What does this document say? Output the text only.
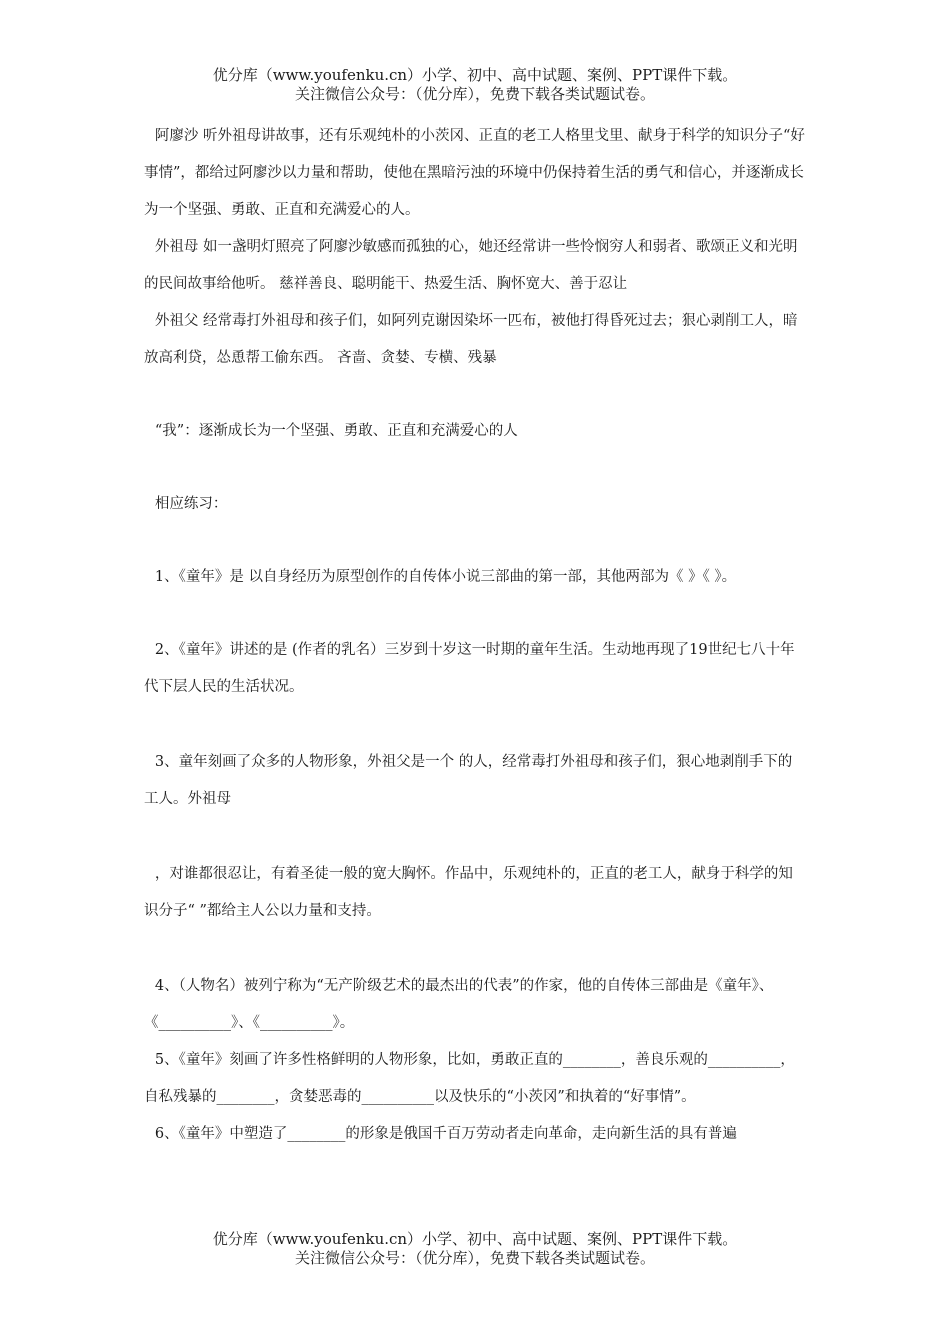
优分库（www.youfenku.cn）小学、初中、高中试题、案例、PPT课件下载。
关注微信公众号：（优分库），免费下载各类试题试卷。

阿廖沙 听外祖母讲故事，还有乐观纯朴的小茨冈、正直的老工人格里戈里、献身于科学的知识分子“好事情”，都给过阿廖沙以力量和帮助，使他在黑暗污浊的环境中仍保持着生活的勇气和信心，并逐渐成长为一个坚强、勇敢、正直和充满爱心的人。

外祖母 如一盏明灯照亮了阿廖沙敏感而孤独的心，她还经常讲一些怜悯穷人和弱者、歌颂正义和光明的民间故事给他听。 慈祥善良、聪明能干、热爱生活、胸怀宽大、善于忍让

外祖父 经常毒打外祖母和孩子们，如阿列克谢因染坏一匹布，被他打得昏死过去；狠心剥削工人，暗放高利贷，怂恿帮工偷东西。 吝啬、贪婪、专横、残暴

“我”：逐渐成长为一个坚强、勇敢、正直和充满爱心的人

相应练习：

1、《童年》是 以自身经历为原型创作的自传体小说三部曲的第一部，其他两部为《 》《 》。

2、《童年》讲述的是 (作者的乳名）三岁到十岁这一时期的童年生活。生动地再现了19世纪七八十年代下层人民的生活状况。

3、童年刻画了众多的人物形象，外祖父是一个 的人，经常毒打外祖母和孩子们，狠心地剥削手下的工人。外祖母

，对谁都很忍让，有着圣徒一般的宽大胸怀。作品中，乐观纯朴的，正直的老工人，献身于科学的知识分子“ ”都给主人公以力量和支持。

4、（人物名）被列宁称为“无产阶级艺术的最杰出的代表”的作家，他的自传体三部曲是《童年》、《__________》、《__________》。

5、《童年》刻画了许多性格鲜明的人物形象，比如，勇敢正直的________，善良乐观的__________，自私残暴的________，贪婪恶毒的__________以及快乐的“小茨冈”和执着的“好事情”。

6、《童年》中塑造了________的形象是俄国千百万劳动者走向革命，走向新生活的具有普遍

优分库（www.youfenku.cn）小学、初中、高中试题、案例、PPT课件下载。
关注微信公众号：（优分库），免费下载各类试题试卷。
